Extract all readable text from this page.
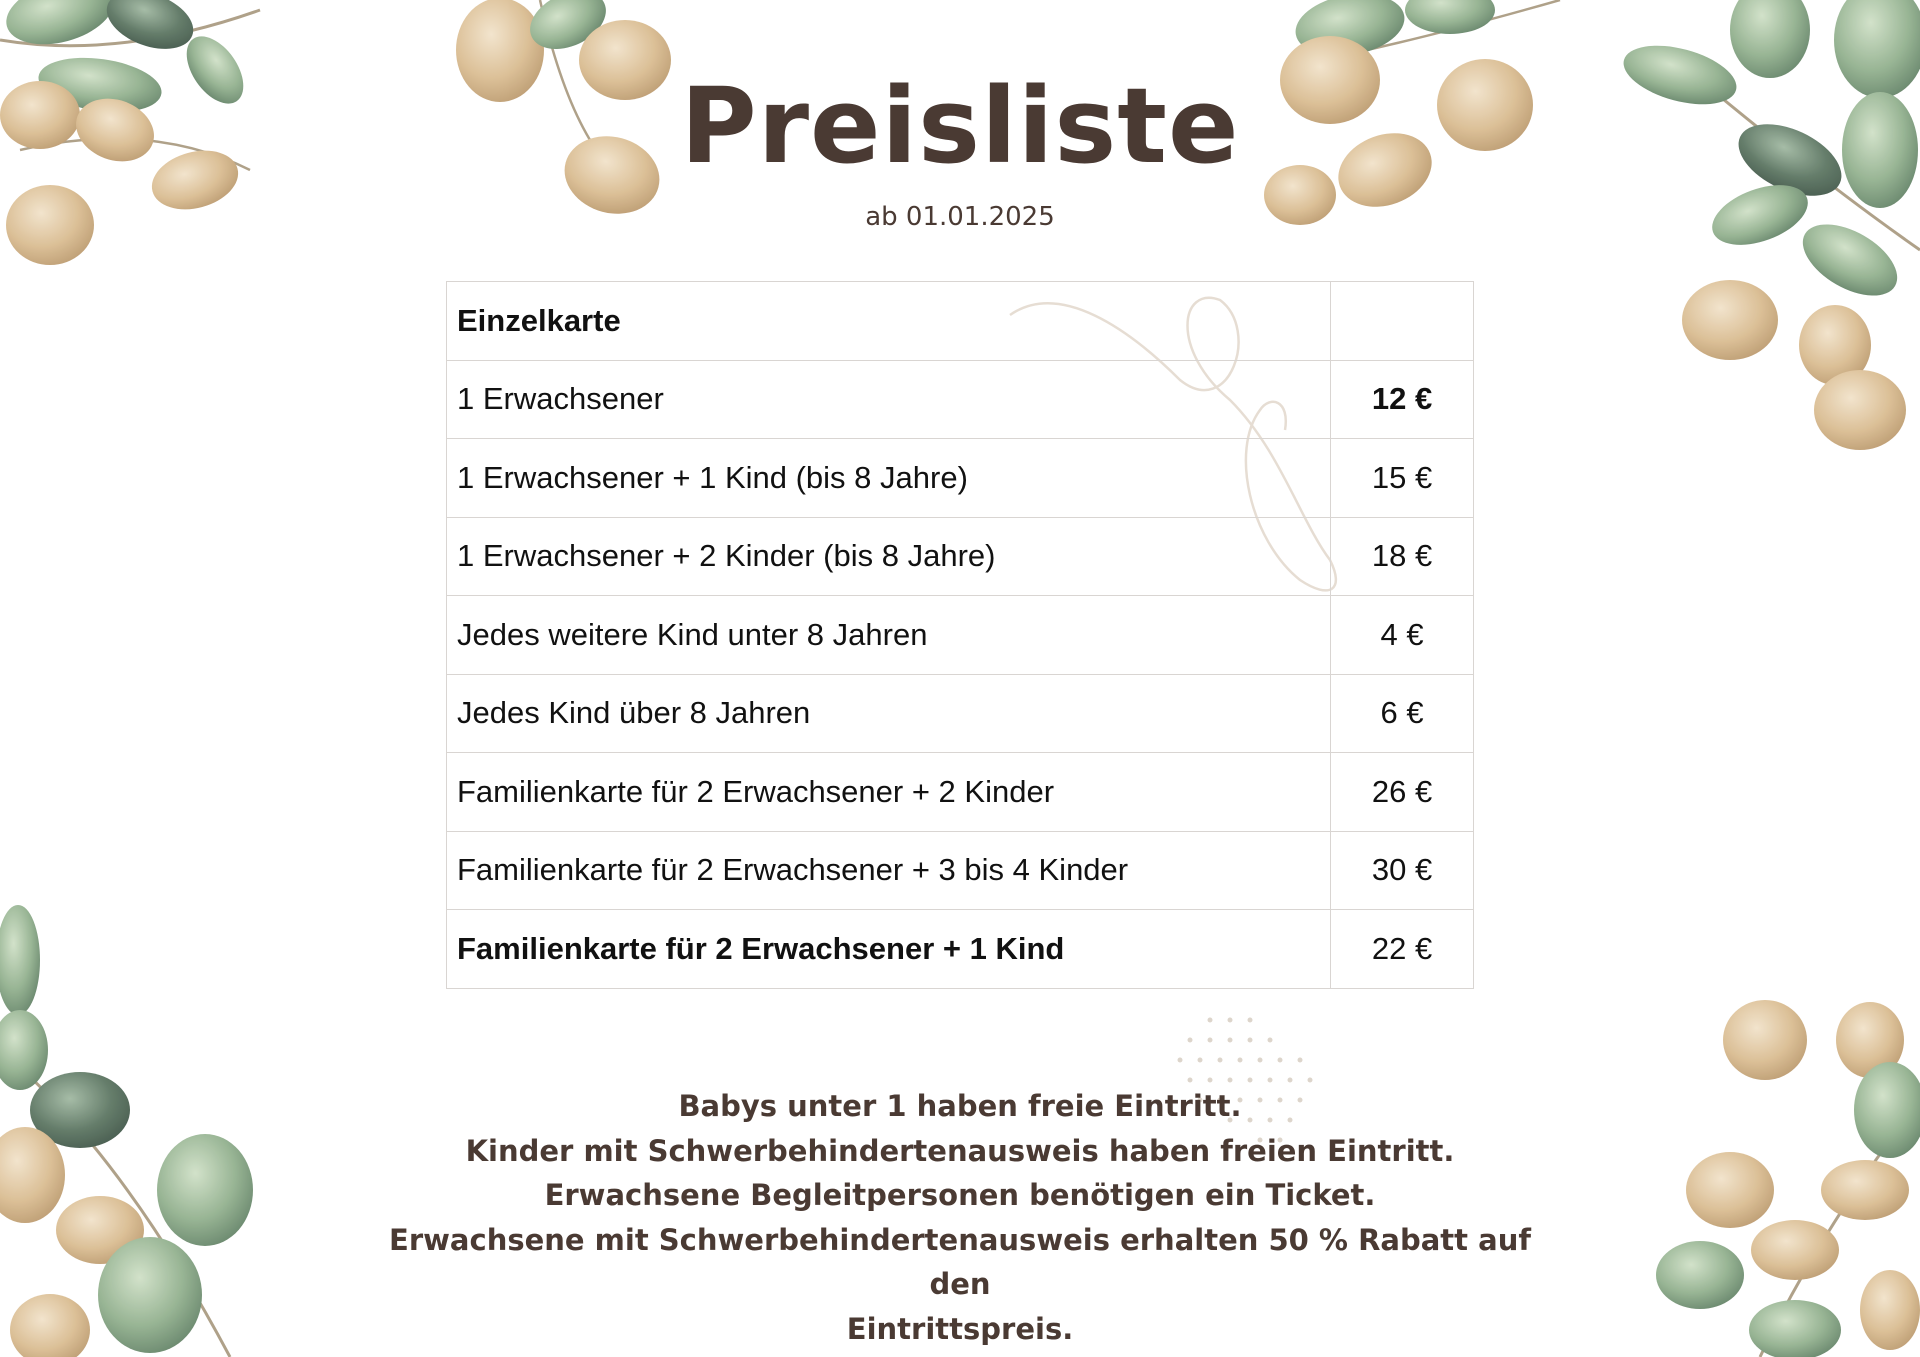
Preisliste
ab 01.01.2025
Einzelkarte	
1 Erwachsener	12 €
1 Erwachsener + 1 Kind (bis 8 Jahre)	15 €
1 Erwachsener + 2 Kinder (bis 8 Jahre)	18 €
Jedes weitere Kind unter 8 Jahren	4 €
Jedes Kind über 8 Jahren	6 €
Familienkarte für 2 Erwachsener + 2 Kinder	26 €
Familienkarte für 2 Erwachsener + 3 bis 4 Kinder	30 €
Familienkarte für 2 Erwachsener + 1 Kind	22 €
Babys unter 1 haben freie Eintritt.
Kinder mit Schwerbehindertenausweis haben freien Eintritt.
Erwachsene Begleitpersonen benötigen ein Ticket.
Erwachsene mit Schwerbehindertenausweis erhalten 50 % Rabatt auf den
Eintrittspreis.
